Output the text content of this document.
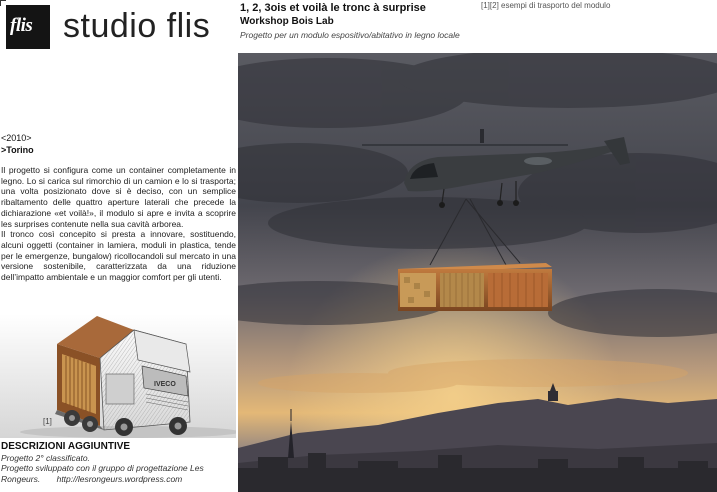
flis studio flis	1, 2, 3ois et voilà le tronc à surprise
Workshop Bois Lab
Progetto per un modulo espositivo/abitativo in legno locale
[1][2] esempi di trasporto del modulo
<2010>
>Torino

Il progetto si configura come un container completamente in legno. Lo si carica sul rimorchio di un camion e lo si trasporta; una volta posizionato dove si è deciso, con un semplice ribaltamento delle quattro aperture laterali che precede la dichiarazione «et voilà!», il modulo si apre e invita a scoprire les surprises contenute nella sua cavità arborea.

Il tronco così concepito si presta a innovare, sostituendo, alcuni oggetti (container in lamiera, moduli in plastica, tende per le emergenze, bungalow) ricollocandoli sul mercato in una versione sostenibile, caratterizzata da una riduzione dell’impatto ambientale e un maggior comfort per gli utenti.

IVECO
[1]
DESCRIZIONI AGGIUNTIVE
Progetto 2° classificato.
Progetto sviluppato con il gruppo di progettazione Les Rongeurs. http://lesrongeurs.wordpress.com
